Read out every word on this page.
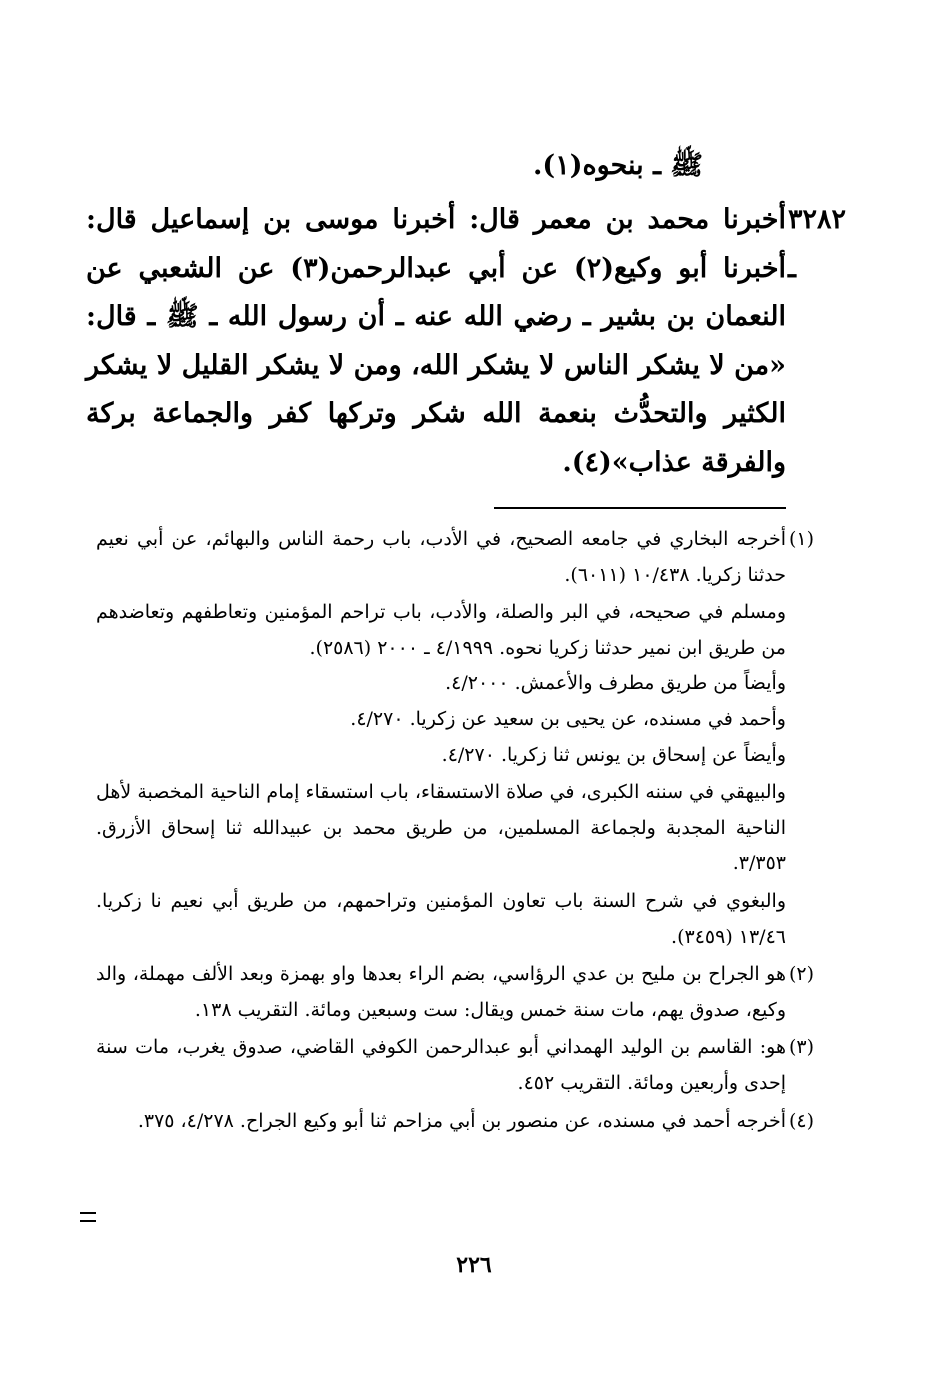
ﷺ ـ بنحوه(١).
٣٢٨٢ ـ
أخبرنا محمد بن معمر قال: أخبرنا موسى بن إسماعيل قال: أخبرنا أبو وكيع(٢) عن أبي عبدالرحمن(٣) عن الشعبي عن النعمان بن بشير ـ رضي الله عنه ـ أن رسول الله ـ ﷺ ـ قال: «من لا يشكر الناس لا يشكر الله، ومن لا يشكر القليل لا يشكر الكثير والتحدُّث بنعمة الله شكر وتركها كفر والجماعة بركة والفرقة عذاب»(٤).
(١)

أخرجه البخاري في جامعه الصحيح، في الأدب، باب رحمة الناس والبهائم، عن أبي نعيم حدثنا زكريا. ١٠/٤٣٨ (٦٠١١).

ومسلم في صحيحه، في البر والصلة، والأدب، باب تراحم المؤمنين وتعاطفهم وتعاضدهم من طريق ابن نمير حدثنا زكريا نحوه. ٤/١٩٩٩ ـ ٢٠٠٠ (٢٥٨٦).

وأيضاً من طريق مطرف والأعمش. ٤/٢٠٠٠.

وأحمد في مسنده، عن يحيى بن سعيد عن زكريا. ٤/٢٧٠.

وأيضاً عن إسحاق بن يونس ثنا زكريا. ٤/٢٧٠.

والبيهقي في سننه الكبرى، في صلاة الاستسقاء، باب استسقاء إمام الناحية المخصبة لأهل الناحية المجدبة ولجماعة المسلمين، من طريق محمد بن عبيدالله ثنا إسحاق الأزرق. ٣/٣٥٣.

والبغوي في شرح السنة باب تعاون المؤمنين وتراحمهم، من طريق أبي نعيم نا زكريا. ١٣/٤٦ (٣٤٥٩).

(٢)

هو الجراح بن مليح بن عدي الرؤاسي، بضم الراء بعدها واو بهمزة وبعد الألف مهملة، والد وكيع، صدوق يهم، مات سنة خمس ويقال: ست وسبعين ومائة. التقريب ١٣٨.

(٣)

هو: القاسم بن الوليد الهمداني أبو عبدالرحمن الكوفي القاضي، صدوق يغرب، مات سنة إحدى وأربعين ومائة. التقريب ٤٥٢.

(٤)

أخرجه أحمد في مسنده، عن منصور بن أبي مزاحم ثنا أبو وكيع الجراح. ٤/٢٧٨، ٣٧٥.

٢٢٦
